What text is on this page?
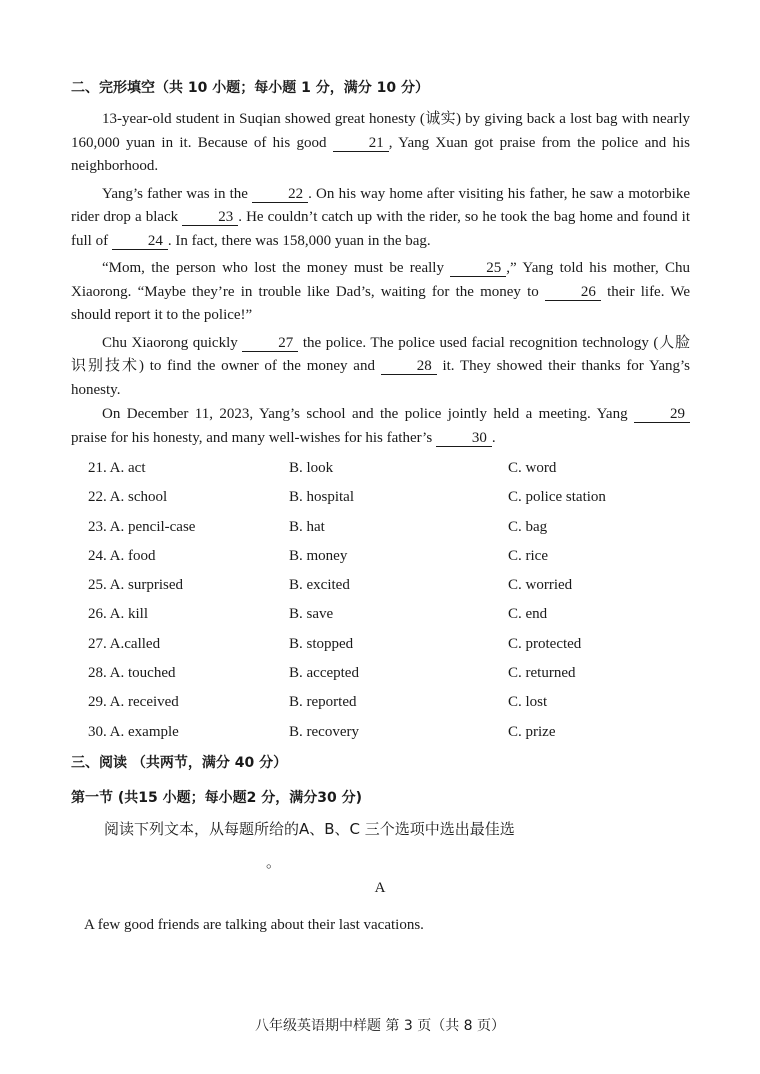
二、完形填空（共 10 小题；每小题 1 分，满分 10 分）

13-year-old student in Suqian showed great honesty (诚实) by giving back a lost bag with nearly 160,000 yuan in it. Because of his good 21 , Yang Xuan got praise from the police and his neighborhood.

Yang’s father was in the 22 . On his way home after visiting his father, he saw a motorbike rider drop a black 23 . He couldn’t catch up with the rider, so he took the bag home and found it full of 24 . In fact, there was 158,000 yuan in the bag.

“Mom, the person who lost the money must be really 25 ,” Yang told his mother, Chu Xiaorong. “Maybe they’re in trouble like Dad’s, waiting for the money to 26 their life. We should report it to the police!”

Chu Xiaorong quickly 27 the police. The police used facial recognition technology (人脸识别技术) to find the owner of the money and 28 it. They showed their thanks for Yang’s honesty.

On December 11, 2023, Yang’s school and the police jointly held a meeting. Yang 29 praise for his honesty, and many well-wishes for his father’s 30 .

21. A. act	B. look	C. word
22. A. school	B. hospital	C. police station
23. A. pencil-case	B. hat	C. bag
24. A. food	B. money	C. rice
25. A. surprised	B. excited	C. worried
26. A. kill	B. save	C. end
27. A.called	B. stopped	C. protected
28. A. touched	B. accepted	C. returned
29. A. received	B. reported	C. lost
30. A. example	B. recovery	C. prize
三、阅读 （共两节，满分 40 分）
第一节 (共15 小题；每小题2 分，满分30 分)
阅读下列文本，从每题所给的A、B、C 三个选项中选出最佳选
。
A
A few good friends are talking about their last vacations.
八年级英语期中样题 第 3 页（共 8 页）
